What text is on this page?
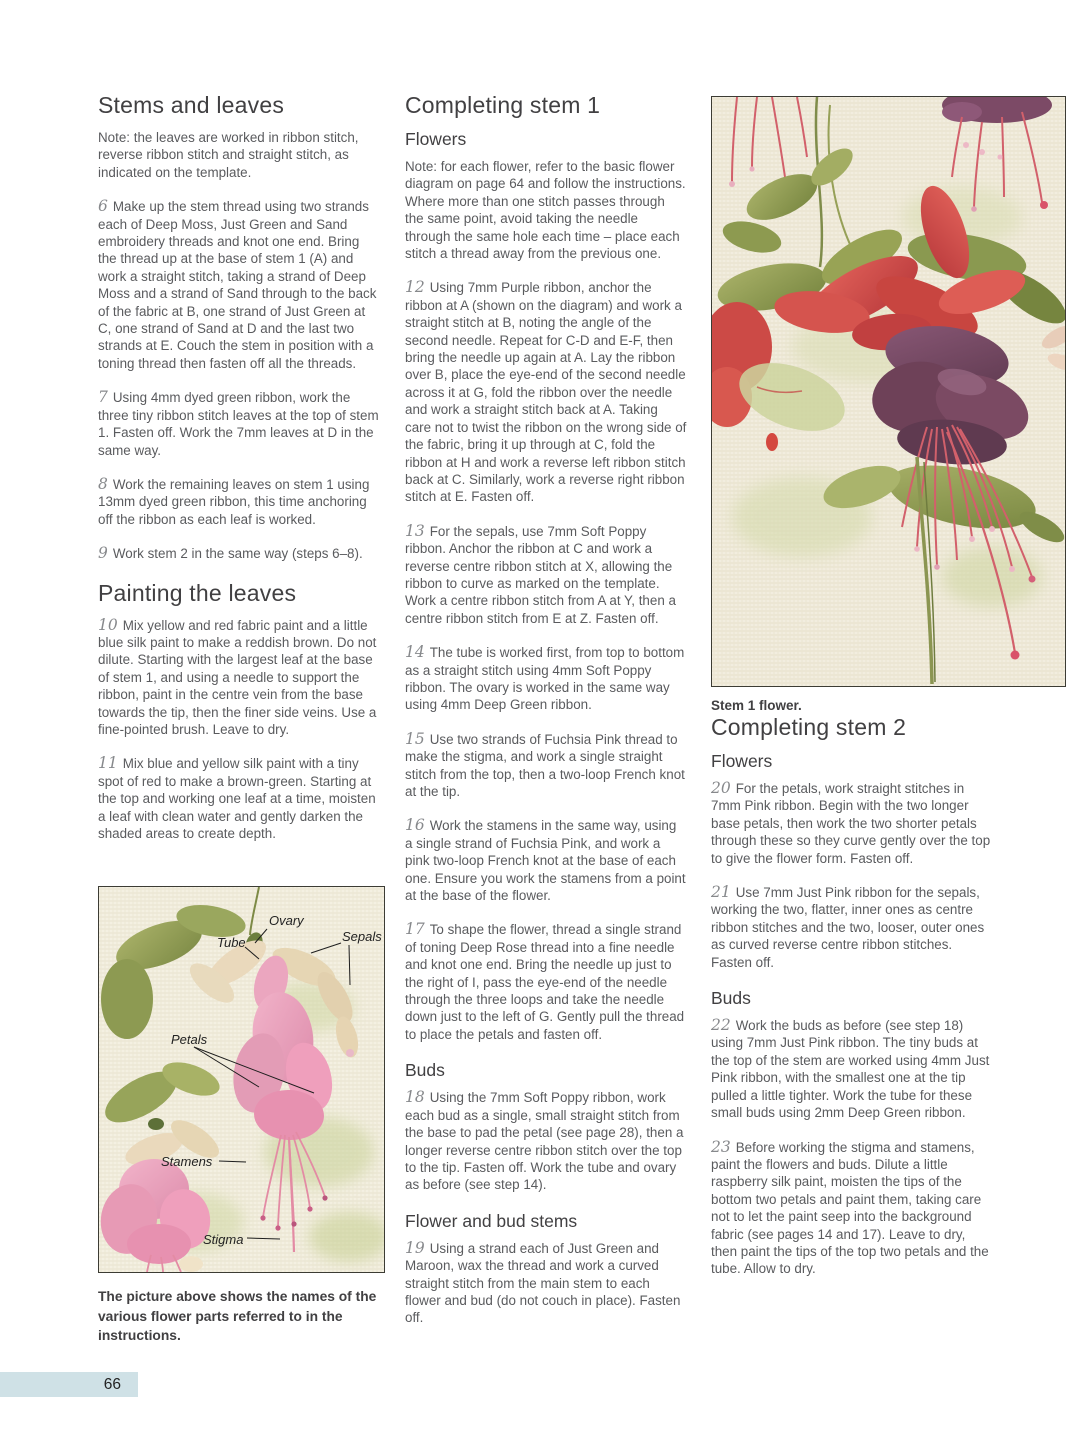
Stems and leaves

Note: the leaves are worked in ribbon stitch, reverse ribbon stitch and straight stitch, as indicated on the template.

6 Make up the stem thread using two strands each of Deep Moss, Just Green and Sand embroidery threads and knot one end. Bring the thread up at the base of stem 1 (A) and work a straight stitch, taking a strand of Deep Moss and a strand of Sand through to the back of the fabric at B, one strand of Just Green at C, one strand of Sand at D and the last two strands at E. Couch the stem in position with a toning thread then fasten off all the threads.

7 Using 4mm dyed green ribbon, work the three tiny ribbon stitch leaves at the top of stem 1. Fasten off. Work the 7mm leaves at D in the same way.

8 Work the remaining leaves on stem 1 using 13mm dyed green ribbon, this time anchoring off the ribbon as each leaf is worked.

9 Work stem 2 in the same way (steps 6–8).

Painting the leaves

10 Mix yellow and red fabric paint and a little blue silk paint to make a reddish brown. Do not dilute. Starting with the largest leaf at the base of stem 1, and using a needle to support the ribbon, paint in the centre vein from the base towards the tip, then the finer side veins. Use a fine-pointed brush. Leave to dry.

11 Mix blue and yellow silk paint with a tiny spot of red to make a brown-green. Starting at the top and working one leaf at a time, moisten a leaf with clean water and gently darken the shaded areas to create depth.

Ovary
Tube	Sepals
Petals
Stamens
Stigma

The picture above shows the names of the various flower parts referred to in the instructions.

Completing stem 1
Flowers

Note: for each flower, refer to the basic flower diagram on page 64 and follow the instructions. Where more than one stitch passes through the same point, avoid taking the needle through the same hole each time – place each stitch a thread away from the previous one.

12 Using 7mm Purple ribbon, anchor the ribbon at A (shown on the diagram) and work a straight stitch at B, noting the angle of the second needle. Repeat for C-D and E-F, then bring the needle up again at A. Lay the ribbon over B, place the eye-end of the second needle across it at G, fold the ribbon over the needle and work a straight stitch back at A. Taking care not to twist the ribbon on the wrong side of the fabric, bring it up through at C, fold the ribbon at H and work a reverse left ribbon stitch back at C. Similarly, work a reverse right ribbon stitch at E. Fasten off.

13 For the sepals, use 7mm Soft Poppy ribbon. Anchor the ribbon at C and work a reverse centre ribbon stitch at X, allowing the ribbon to curve as marked on the template. Work a centre ribbon stitch from A at Y, then a centre ribbon stitch from E at Z. Fasten off.

14 The tube is worked first, from top to bottom as a straight stitch using 4mm Soft Poppy ribbon. The ovary is worked in the same way using 4mm Deep Green ribbon.

15 Use two strands of Fuchsia Pink thread to make the stigma, and work a single straight stitch from the top, then a two-loop French knot at the tip.

16 Work the stamens in the same way, using a single strand of Fuchsia Pink, and work a pink two-loop French knot at the base of each one. Ensure you work the stamens from a point at the base of the flower.

17 To shape the flower, thread a single strand of toning Deep Rose thread into a fine needle and knot one end. Bring the needle up just to the right of I, pass the eye-end of the needle through the three loops and take the needle down just to the left of G. Gently pull the thread to place the petals and fasten off.

Buds

18 Using the 7mm Soft Poppy ribbon, work each bud as a single, small straight stitch from the base to pad the petal (see page 28), then a longer reverse centre ribbon stitch over the top to the tip. Fasten off. Work the tube and ovary as before (see step 14).

Flower and bud stems

19 Using a strand each of Just Green and Maroon, wax the thread and work a curved straight stitch from the main stem to each flower and bud (do not couch in place). Fasten off.

Stem 1 flower.

Completing stem 2
Flowers

20 For the petals, work straight stitches in 7mm Pink ribbon. Begin with the two longer base petals, then work the two shorter petals through these so they curve gently over the top to give the flower form. Fasten off.

21 Use 7mm Just Pink ribbon for the sepals, working the two, flatter, inner ones as centre ribbon stitches and the two, looser, outer ones as curved reverse centre ribbon stitches. Fasten off.

Buds

22 Work the buds as before (see step 18) using 7mm Just Pink ribbon. The tiny buds at the top of the stem are worked using 4mm Just Pink ribbon, with the smallest one at the tip pulled a little tighter. Work the tube for these small buds using 2mm Deep Green ribbon.

23 Before working the stigma and stamens, paint the flowers and buds. Dilute a little raspberry silk paint, moisten the tips of the bottom two petals and paint them, taking care not to let the paint seep into the background fabric (see pages 14 and 17). Leave to dry, then paint the tips of the top two petals and the tube. Allow to dry.

66
